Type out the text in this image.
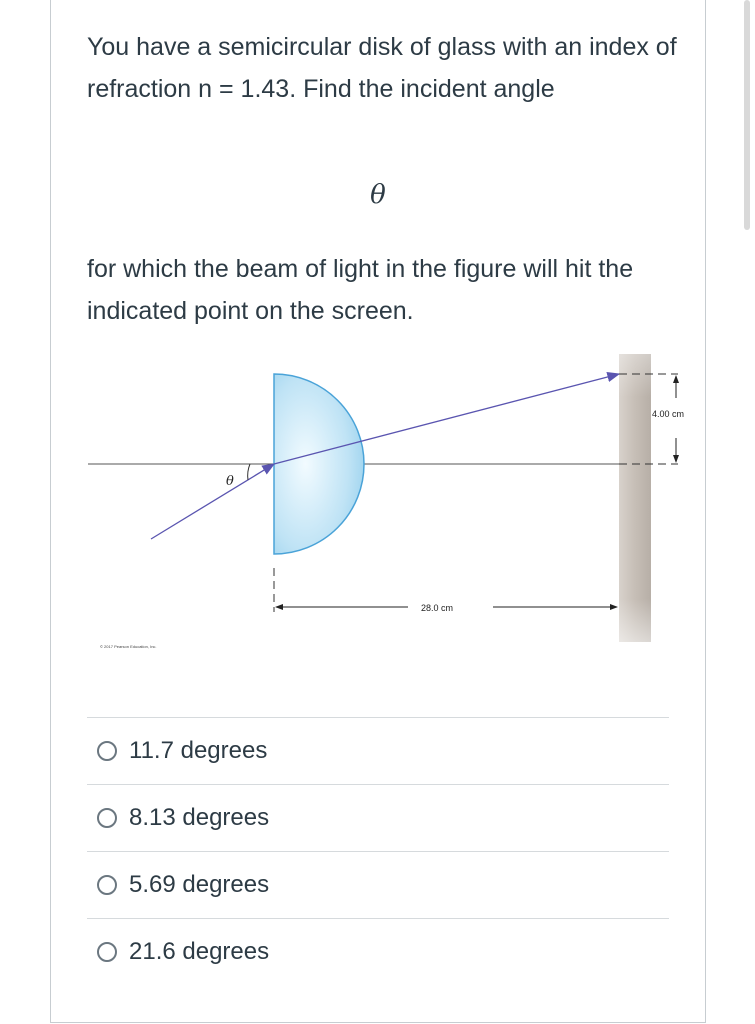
You have a semicircular disk of glass with an index of refraction n = 1.43. Find the incident angle
θ
for which the beam of light in the figure will hit the indicated point on the screen.
θ
4.00 cm
28.0 cm
© 2017 Pearson Education, Inc.
11.7 degrees
8.13 degrees
5.69 degrees
21.6 degrees
